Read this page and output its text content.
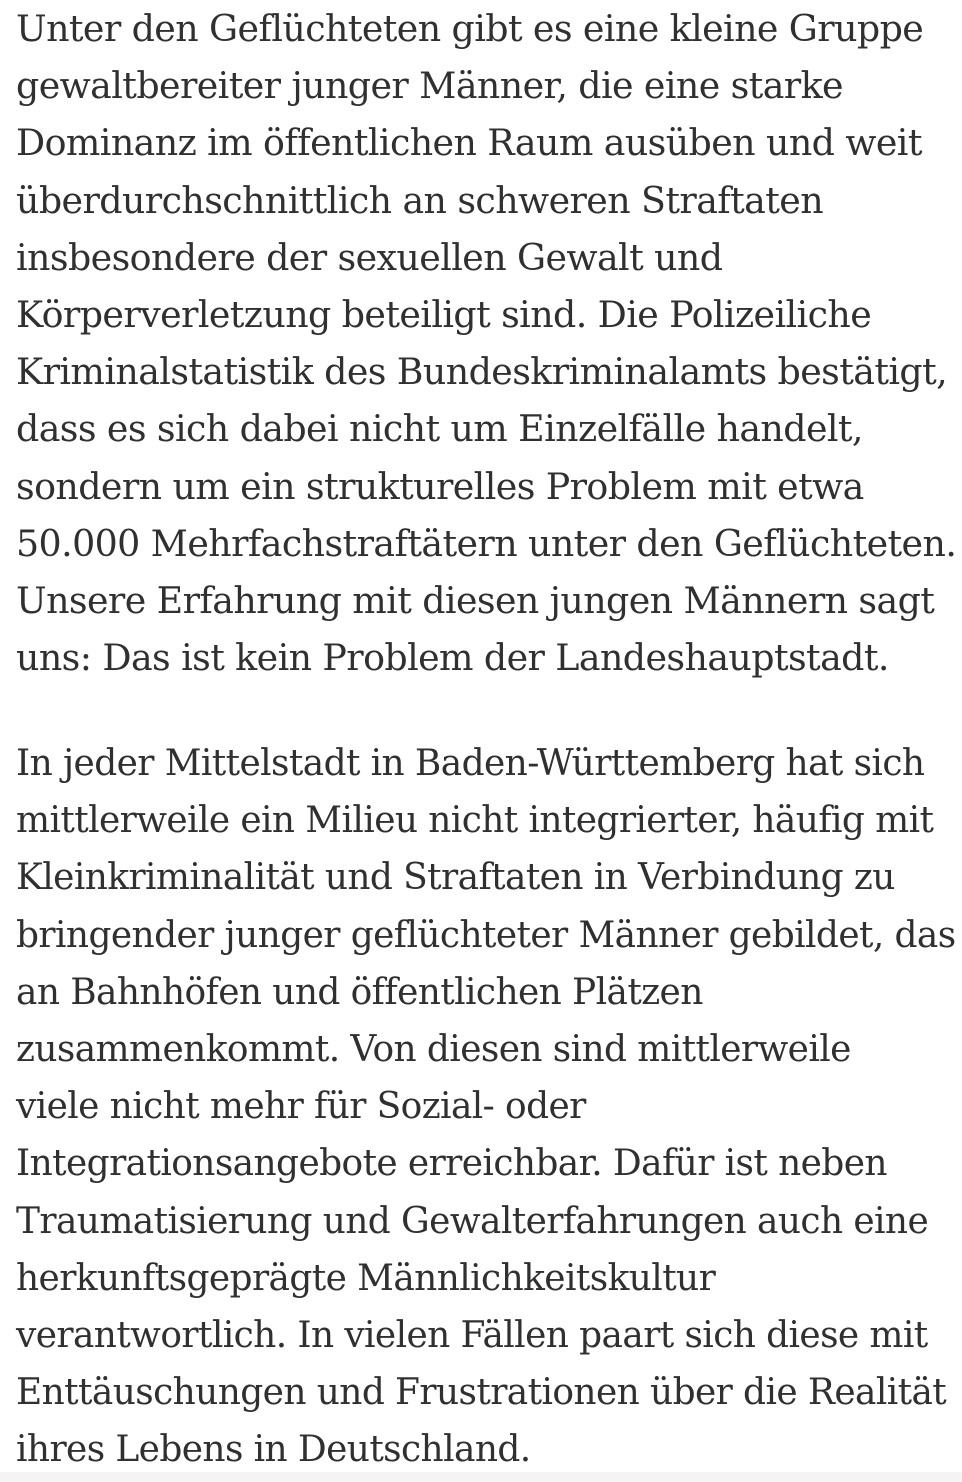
Unter den Geflüchteten gibt es eine kleine Gruppe
gewaltbereiter junger Männer, die eine starke
Dominanz im öffentlichen Raum ausüben und weit
überdurchschnittlich an schweren Straftaten
insbesondere der sexuellen Gewalt und
Körperverletzung beteiligt sind. Die Polizeiliche
Kriminalstatistik des Bundeskriminalamts bestätigt,
dass es sich dabei nicht um Einzelfälle handelt,
sondern um ein strukturelles Problem mit etwa
50.000 Mehrfachstraftätern unter den Geflüchteten.
Unsere Erfahrung mit diesen jungen Männern sagt
uns: Das ist kein Problem der Landeshauptstadt.

In jeder Mittelstadt in Baden-Württemberg hat sich
mittlerweile ein Milieu nicht integrierter, häufig mit
Kleinkriminalität und Straftaten in Verbindung zu
bringender junger geflüchteter Männer gebildet, das
an Bahnhöfen und öffentlichen Plätzen
zusammenkommt. Von diesen sind mittlerweile
viele nicht mehr für Sozial- oder
Integrationsangebote erreichbar. Dafür ist neben
Traumatisierung und Gewalterfahrungen auch eine
herkunftsgeprägte Männlichkeitskultur
verantwortlich. In vielen Fällen paart sich diese mit
Enttäuschungen und Frustrationen über die Realität
ihres Lebens in Deutschland.
